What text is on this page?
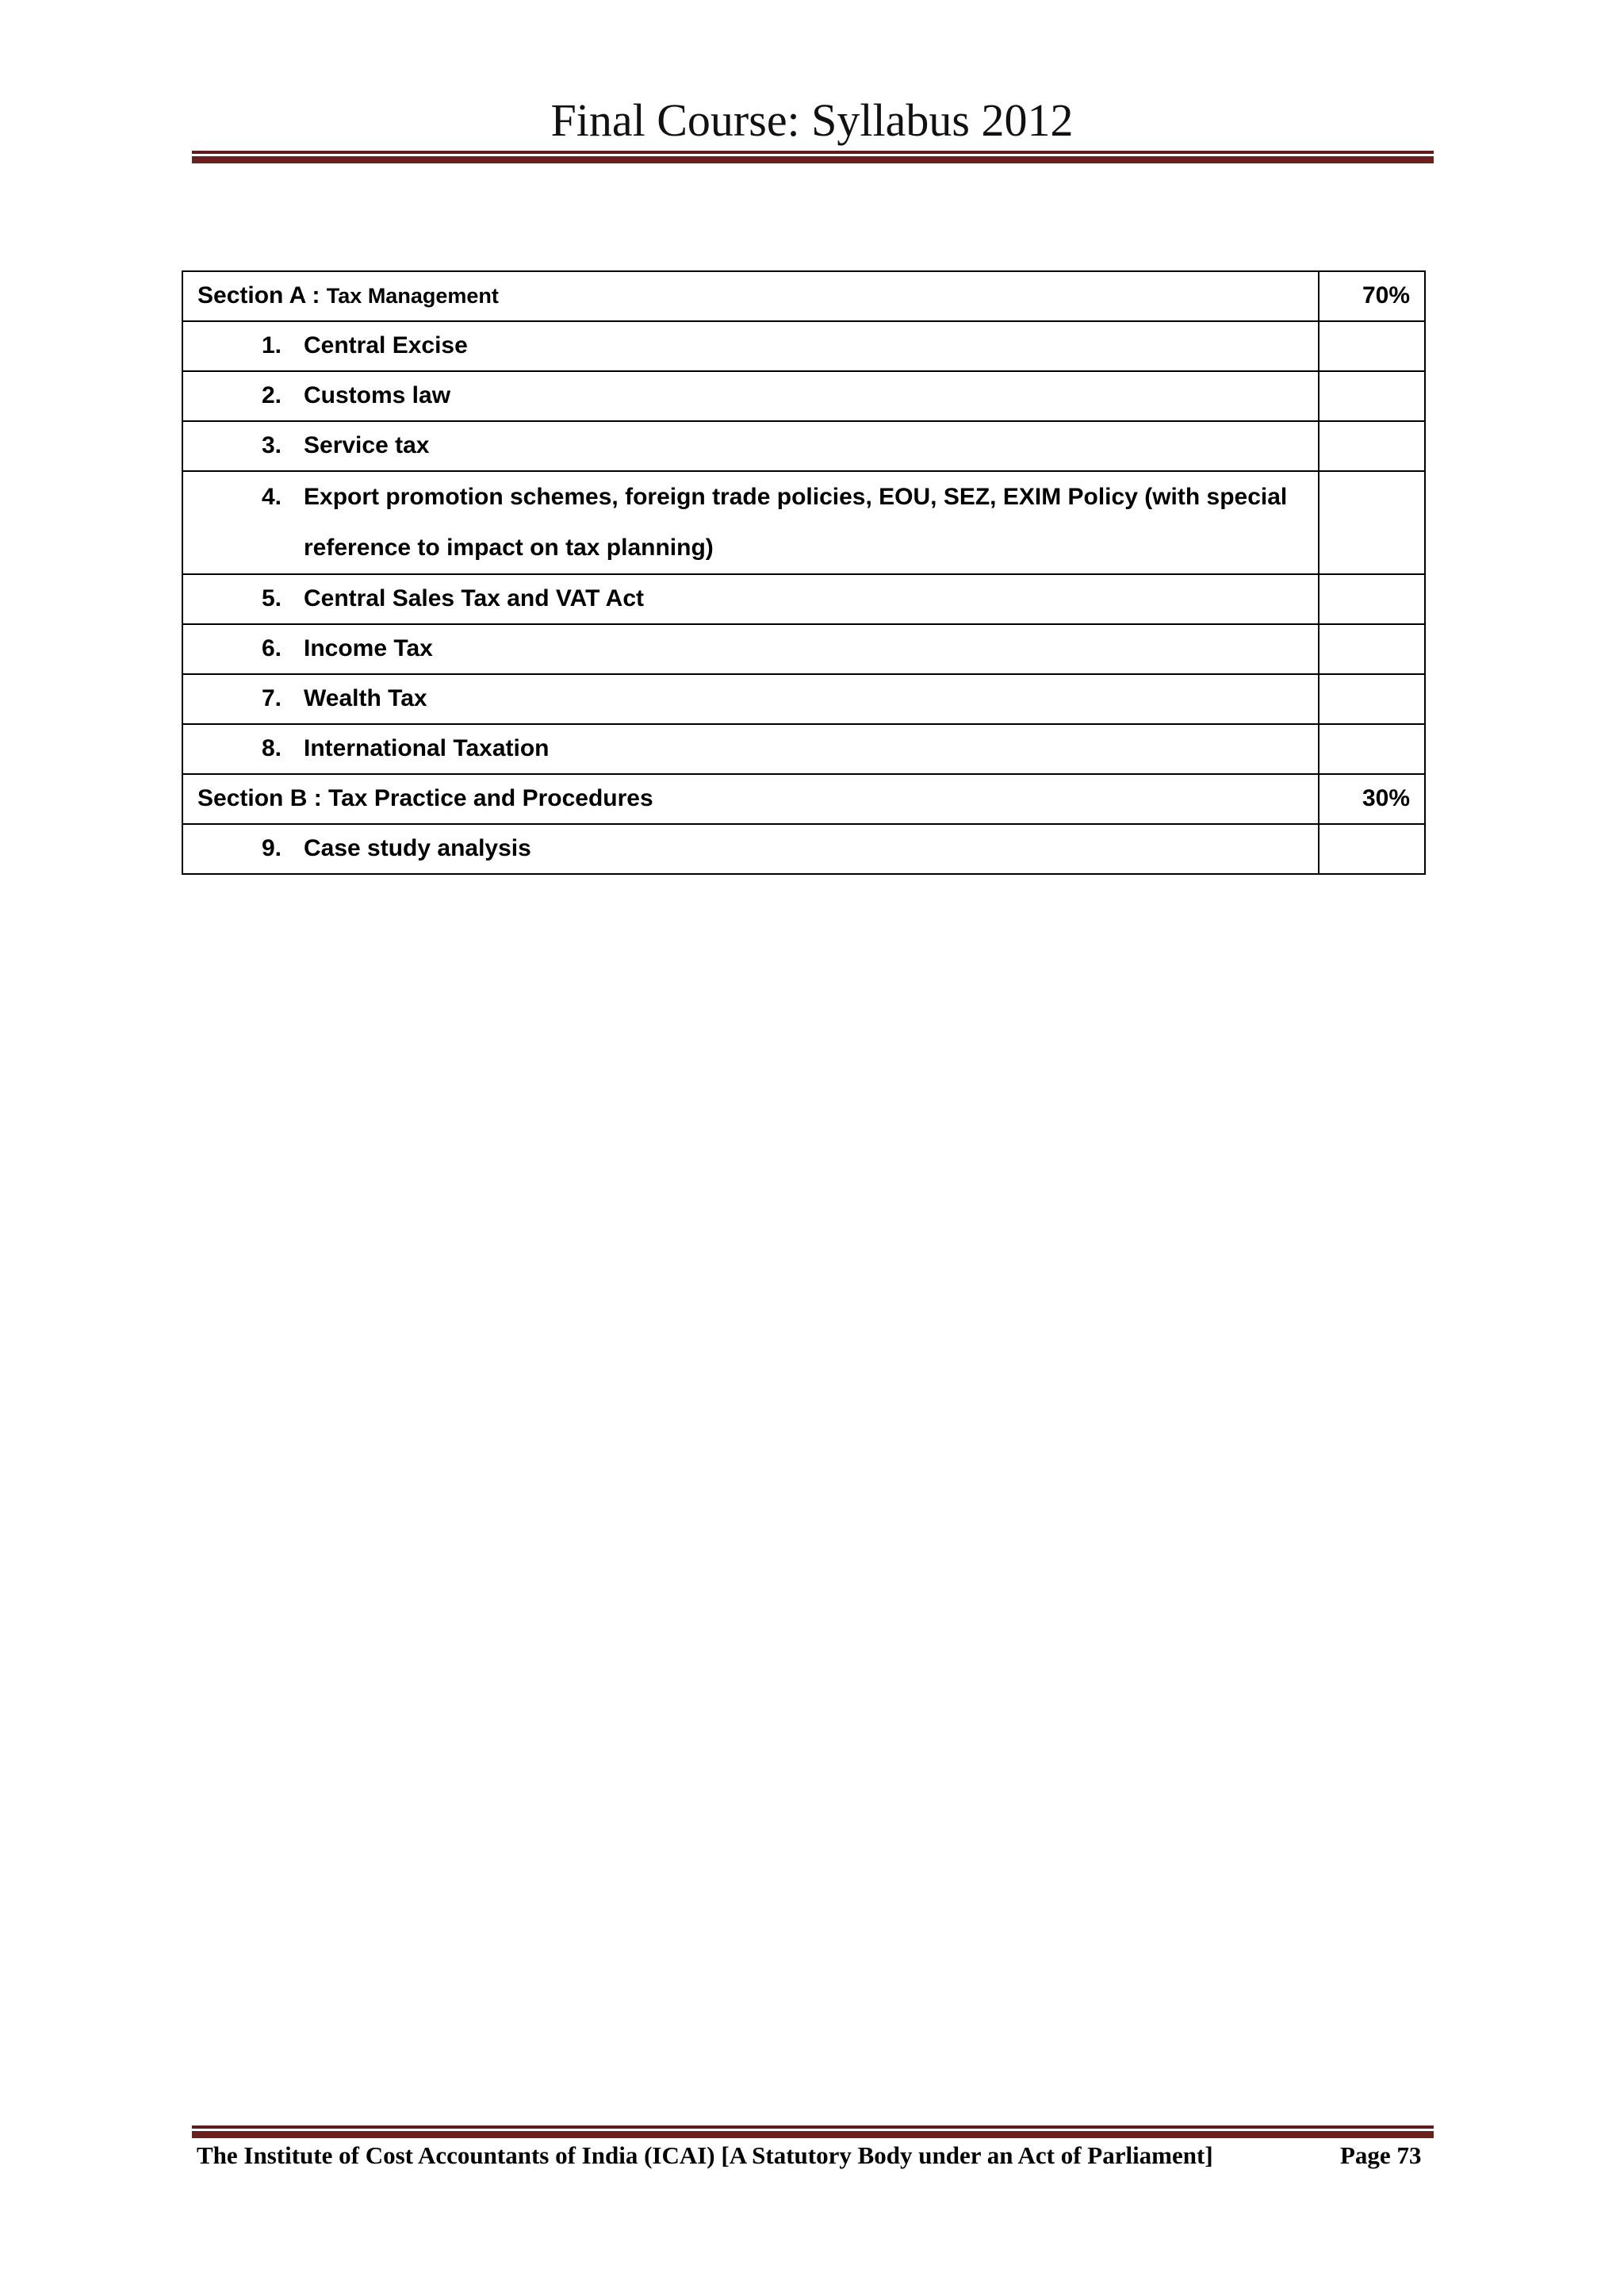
Final Course: Syllabus 2012
Section A : Tax Management	70%

1. Central Excise	

2. Customs law	

3. Service tax	

4. Export promotion schemes, foreign trade policies, EOU, SEZ, EXIM Policy (with special reference to impact on tax planning)	

5. Central Sales Tax and VAT Act	

6. Income Tax	

7. Wealth Tax	

8. International Taxation	

Section B : Tax Practice and Procedures	30%

9. Case study analysis	

The Institute of Cost Accountants of India (ICAI) [A Statutory Body under an Act of Parliament]	Page 73
